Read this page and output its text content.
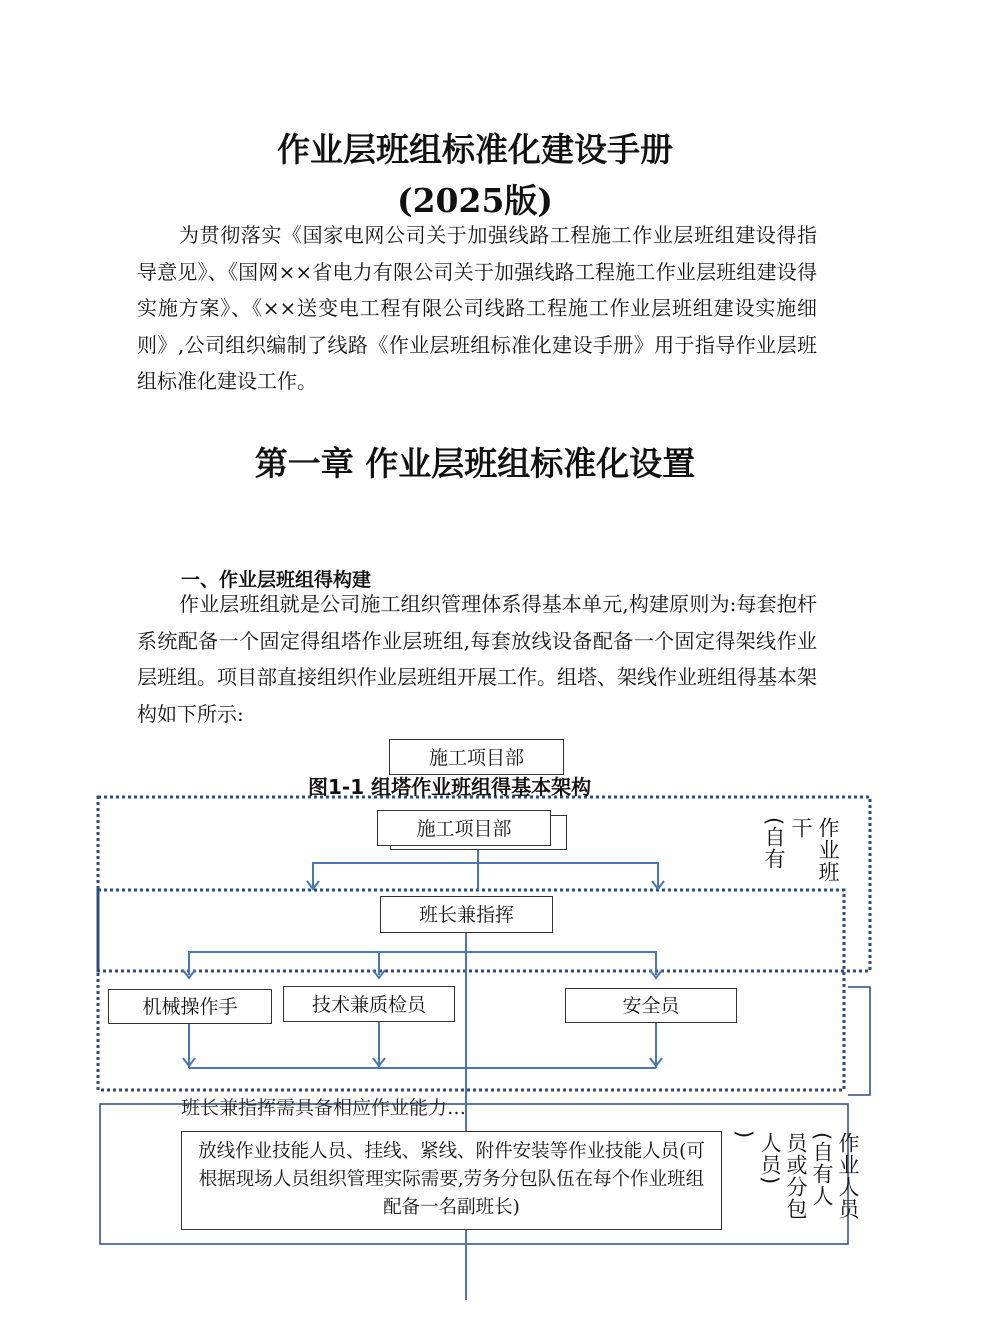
作业层班组标准化建设手册
(2025版)

为贯彻落实《国家电网公司关于加强线路工程施工作业层班组建设得指导意见》、《国网××省电力有限公司关于加强线路工程施工作业层班组建设得实施方案》、《××送变电工程有限公司线路工程施工作业层班组建设实施细则》,公司组织编制了线路《作业层班组标准化建设手册》用于指导作业层班组标准化建设工作。

第一章 作业层班组标准化设置
一、作业层班组得构建

作业层班组就是公司施工组织管理体系得基本单元,构建原则为:每套抱杆系统配备一个固定得组塔作业层班组,每套放线设备配备一个固定得架线作业层班组。项目部直接组织作业层班组开展工作。组塔、架线作业班组得基本架构如下所示:

班长兼指挥需具备相应作业能力…
施工项目部
图1-1 组塔作业班组得基本架构
施工项目部
班长兼指挥
机械操作手	技术兼质检员	安全员
作业班
干
(自有
放线作业技能人员、挂线、紧线、附件安装等作业技能人员(可根据现场人员组织管理实际需要,劳务分包队伍在每个作业班组配备一名副班长)	作业人员
(自有人
员或分包
人员)
)
